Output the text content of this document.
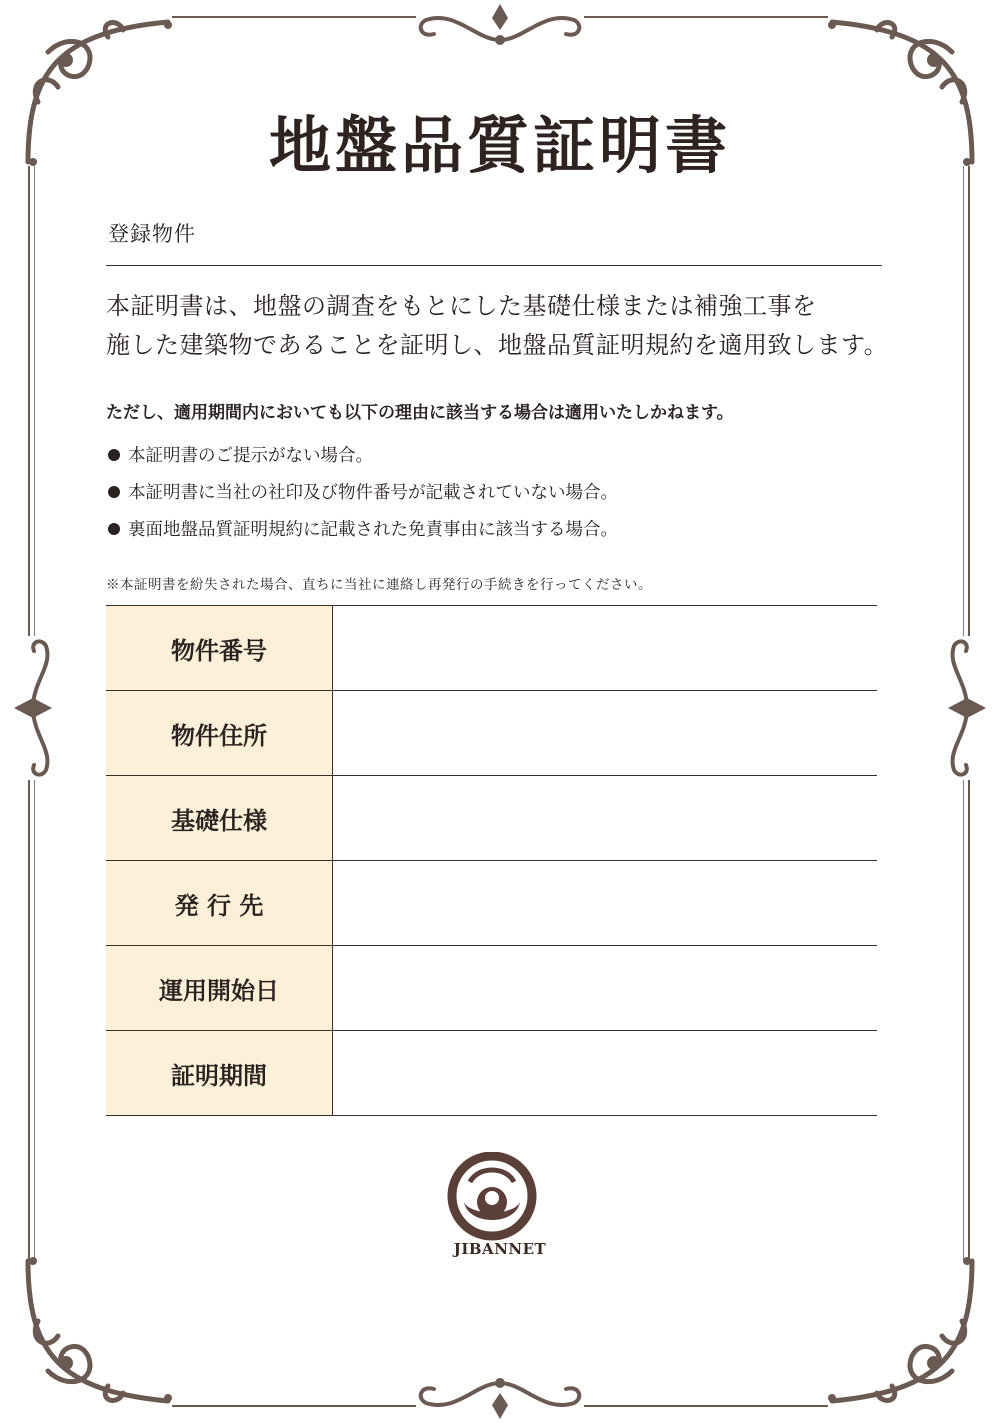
地盤品質証明書
登録物件
本証明書は、地盤の調査をもとにした基礎仕様または補強工事を
施した建築物であることを証明し、地盤品質証明規約を適用致します。
ただし、適用期間内においても以下の理由に該当する場合は適用いたしかねます。
本証明書のご提示がない場合。
本証明書に当社の社印及び物件番号が記載されていない場合。
裏面地盤品質証明規約に記載された免責事由に該当する場合。
※本証明書を紛失された場合、直ちに当社に連絡し再発行の手続きを行ってください。
物件番号
物件住所
基礎仕様
発 行 先
運用開始日
証明期間
JIBANNET
